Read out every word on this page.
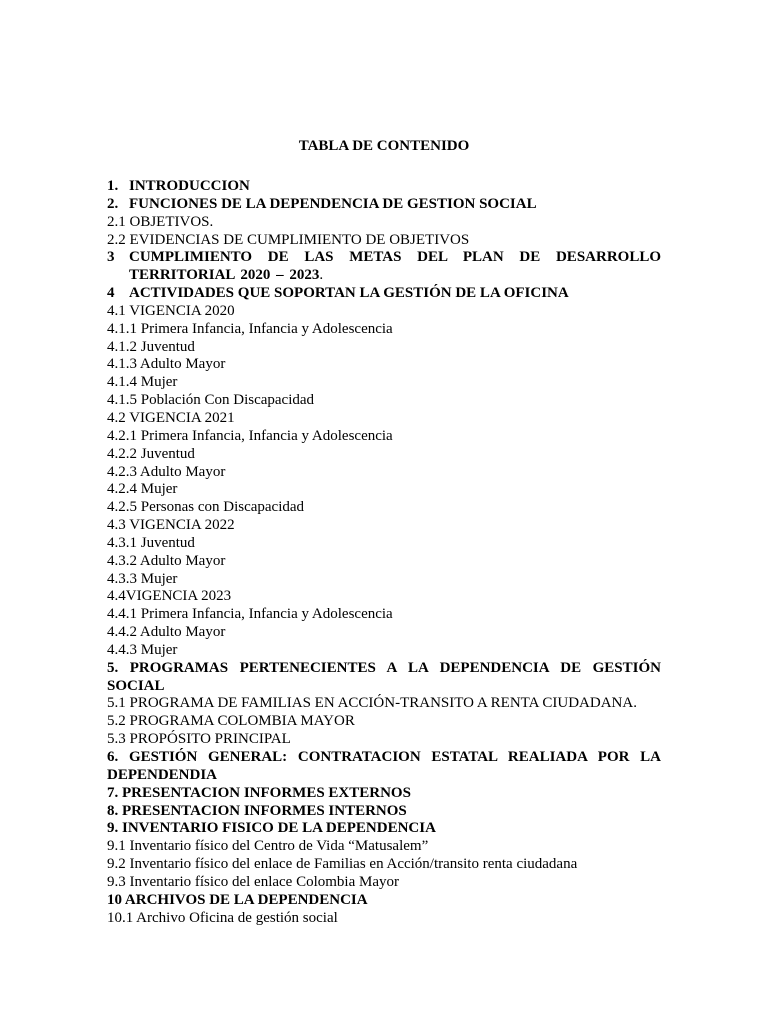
TABLA DE CONTENIDO
1. INTRODUCCION
2. FUNCIONES DE LA DEPENDENCIA DE GESTION SOCIAL
2.1 OBJETIVOS.
2.2 EVIDENCIAS DE CUMPLIMIENTO DE OBJETIVOS
3 CUMPLIMIENTO DE LAS METAS DEL PLAN DE DESARROLLO TERRITORIAL 2020 – 2023.
4 ACTIVIDADES QUE SOPORTAN LA GESTIÓN DE LA OFICINA
4.1 VIGENCIA 2020
4.1.1 Primera Infancia, Infancia y Adolescencia
4.1.2 Juventud
4.1.3 Adulto Mayor
4.1.4 Mujer
4.1.5 Población Con Discapacidad
4.2 VIGENCIA 2021
4.2.1 Primera Infancia, Infancia y Adolescencia
4.2.2 Juventud
4.2.3 Adulto Mayor
4.2.4 Mujer
4.2.5 Personas con Discapacidad
4.3 VIGENCIA 2022
4.3.1 Juventud
4.3.2 Adulto Mayor
4.3.3 Mujer
4.4VIGENCIA 2023
4.4.1 Primera Infancia, Infancia y Adolescencia
4.4.2 Adulto Mayor
4.4.3 Mujer
5. PROGRAMAS PERTENECIENTES A LA DEPENDENCIA DE GESTIÓN SOCIAL
5.1 PROGRAMA DE FAMILIAS EN ACCIÓN-TRANSITO A RENTA CIUDADANA.
5.2 PROGRAMA COLOMBIA MAYOR
5.3 PROPÓSITO PRINCIPAL
6. GESTIÓN GENERAL: CONTRATACION ESTATAL REALIADA POR LA DEPENDENDIA
7. PRESENTACION INFORMES EXTERNOS
8. PRESENTACION INFORMES INTERNOS
9. INVENTARIO FISICO DE LA DEPENDENCIA
9.1 Inventario físico del Centro de Vida “Matusalem”
9.2 Inventario físico del enlace de Familias en Acción/transito renta ciudadana
9.3 Inventario físico del enlace Colombia Mayor
10 ARCHIVOS DE LA DEPENDENCIA
10.1 Archivo Oficina de gestión social
